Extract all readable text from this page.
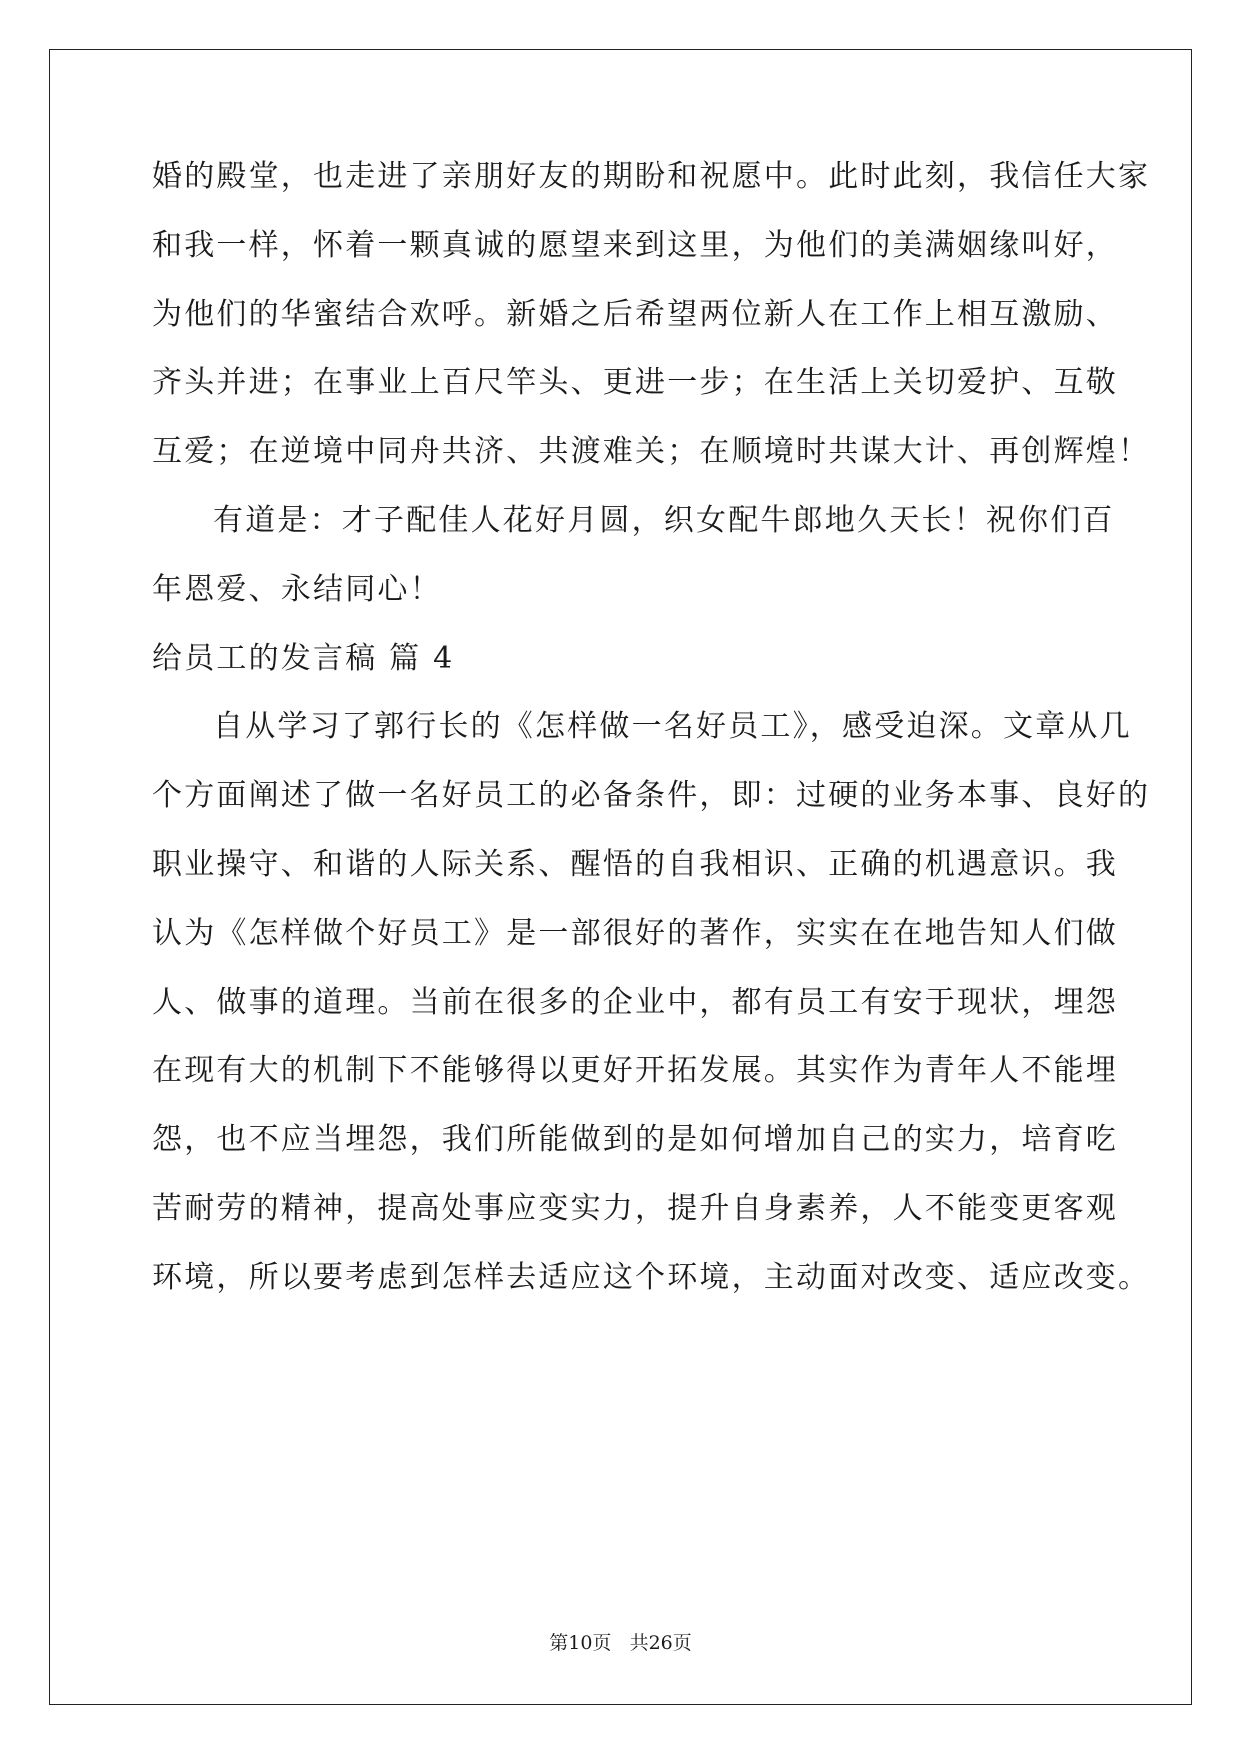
婚的殿堂，也走进了亲朋好友的期盼和祝愿中。此时此刻，我信任大家
和我一样，怀着一颗真诚的愿望来到这里，为他们的美满姻缘叫好，
为他们的华蜜结合欢呼。新婚之后希望两位新人在工作上相互激励、
齐头并进；在事业上百尺竿头、更进一步；在生活上关切爱护、互敬
互爱；在逆境中同舟共济、共渡难关；在顺境时共谋大计、再创辉煌！
有道是：才子配佳人花好月圆，织女配牛郎地久天长！祝你们百
年恩爱、永结同心！
给员工的发言稿 篇 4
自从学习了郭行长的《怎样做一名好员工》，感受迫深。文章从几
个方面阐述了做一名好员工的必备条件，即：过硬的业务本事、良好的
职业操守、和谐的人际关系、醒悟的自我相识、正确的机遇意识。我
认为《怎样做个好员工》是一部很好的著作，实实在在地告知人们做
人、做事的道理。当前在很多的企业中，都有员工有安于现状，埋怨
在现有大的机制下不能够得以更好开拓发展。其实作为青年人不能埋
怨，也不应当埋怨，我们所能做到的是如何增加自己的实力，培育吃
苦耐劳的精神，提高处事应变实力，提升自身素养，人不能变更客观
环境，所以要考虑到怎样去适应这个环境，主动面对改变、适应改变。
第10页 共26页
